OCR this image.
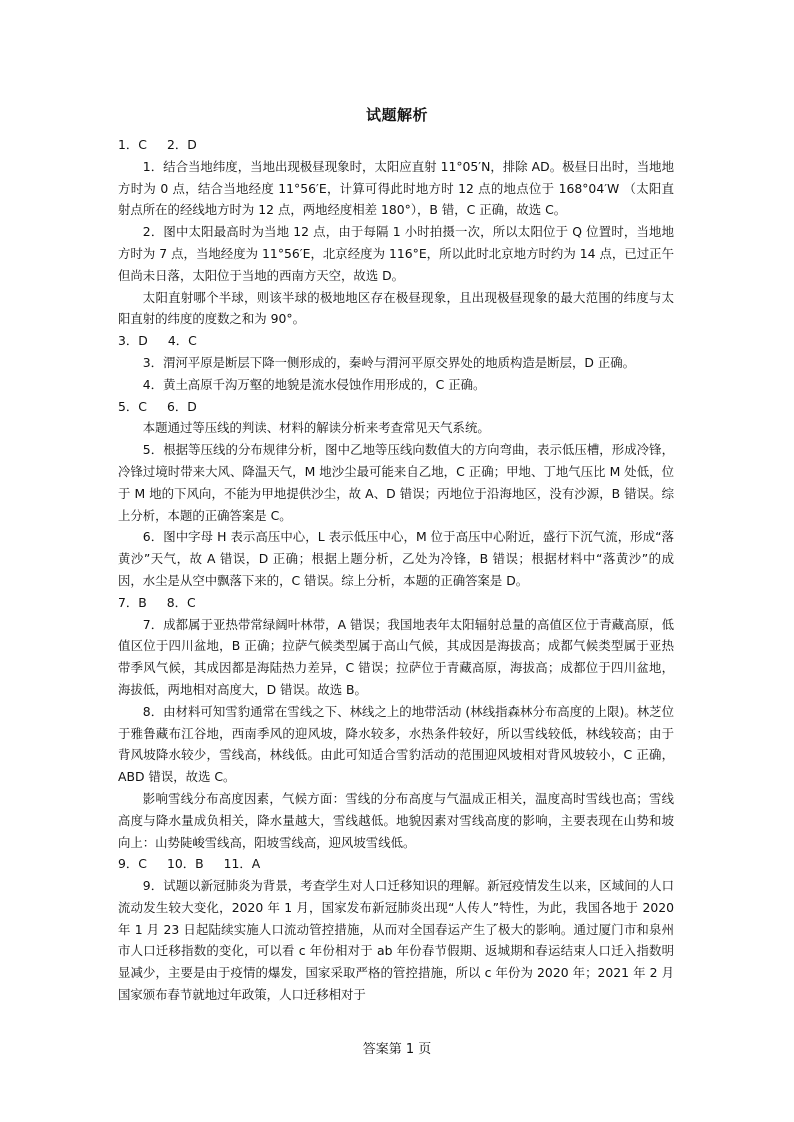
试题解析

1．C 2．D

1．结合当地纬度，当地出现极昼现象时，太阳应直射 11°05′N，排除 AD。极昼日出时，当地地方时为 0 点，结合当地经度 11°56′E，计算可得此时地方时 12 点的地点位于 168°04′W （太阳直射点所在的经线地方时为 12 点，两地经度相差 180°），B 错，C 正确，故选 C。

2．图中太阳最高时为当地 12 点，由于每隔 1 小时拍摄一次，所以太阳位于 Q 位置时，当地地方时为 7 点，当地经度为 11°56′E，北京经度为 116°E，所以此时北京地方时约为 14 点，已过正午但尚未日落，太阳位于当地的西南方天空，故选 D。

太阳直射哪个半球，则该半球的极地地区存在极昼现象，且出现极昼现象的最大范围的纬度与太阳直射的纬度的度数之和为 90°。

3．D 4．C

3．渭河平原是断层下降一侧形成的，秦岭与渭河平原交界处的地质构造是断层，D 正确。

4．黄土高原千沟万壑的地貌是流水侵蚀作用形成的，C 正确。

5．C 6．D

本题通过等压线的判读、材料的解读分析来考查常见天气系统。

5．根据等压线的分布规律分析，图中乙地等压线向数值大的方向弯曲，表示低压槽，形成冷锋，冷锋过境时带来大风、降温天气，M 地沙尘最可能来自乙地，C 正确；甲地、丁地气压比 M 处低，位于 M 地的下风向，不能为甲地提供沙尘，故 A、D 错误；丙地位于沿海地区，没有沙源，B 错误。综上分析，本题的正确答案是 C。

6．图中字母 H 表示高压中心，L 表示低压中心，M 位于高压中心附近，盛行下沉气流，形成“落黄沙”天气，故 A 错误，D 正确；根据上题分析，乙处为冷锋，B 错误；根据材料中“落黄沙”的成因，水尘是从空中飘落下来的，C 错误。综上分析，本题的正确答案是 D。

7．B 8．C

7．成都属于亚热带常绿阔叶林带，A 错误；我国地表年太阳辐射总量的高值区位于青藏高原，低值区位于四川盆地，B 正确；拉萨气候类型属于高山气候，其成因是海拔高；成都气候类型属于亚热带季风气候，其成因都是海陆热力差异，C 错误；拉萨位于青藏高原，海拔高；成都位于四川盆地，海拔低，两地相对高度大，D 错误。故选 B。

8．由材料可知雪豹通常在雪线之下、林线之上的地带活动 (林线指森林分布高度的上限)。林芝位于雅鲁藏布江谷地，西南季风的迎风坡，降水较多，水热条件较好，所以雪线较低，林线较高；由于背风坡降水较少，雪线高，林线低。由此可知适合雪豹活动的范围迎风坡相对背风坡较小，C 正确，ABD 错误，故选 C。

影响雪线分布高度因素，气候方面：雪线的分布高度与气温成正相关，温度高时雪线也高；雪线高度与降水量成负相关，降水量越大，雪线越低。地貌因素对雪线高度的影响，主要表现在山势和坡向上：山势陡峻雪线高，阳坡雪线高，迎风坡雪线低。

9．C 10．B 11．A

9．试题以新冠肺炎为背景，考查学生对人口迁移知识的理解。新冠疫情发生以来，区域间的人口流动发生较大变化，2020 年 1 月，国家发布新冠肺炎出现“人传人”特性，为此，我国各地于 2020 年 1 月 23 日起陆续实施人口流动管控措施，从而对全国春运产生了极大的影响。通过厦门市和泉州市人口迁移指数的变化，可以看 c 年份相对于 ab 年份春节假期、返城期和春运结束人口迁入指数明显减少，主要是由于疫情的爆发，国家采取严格的管控措施，所以 c 年份为 2020 年；2021 年 2 月国家颁布春节就地过年政策，人口迁移相对于

答案第 1 页
